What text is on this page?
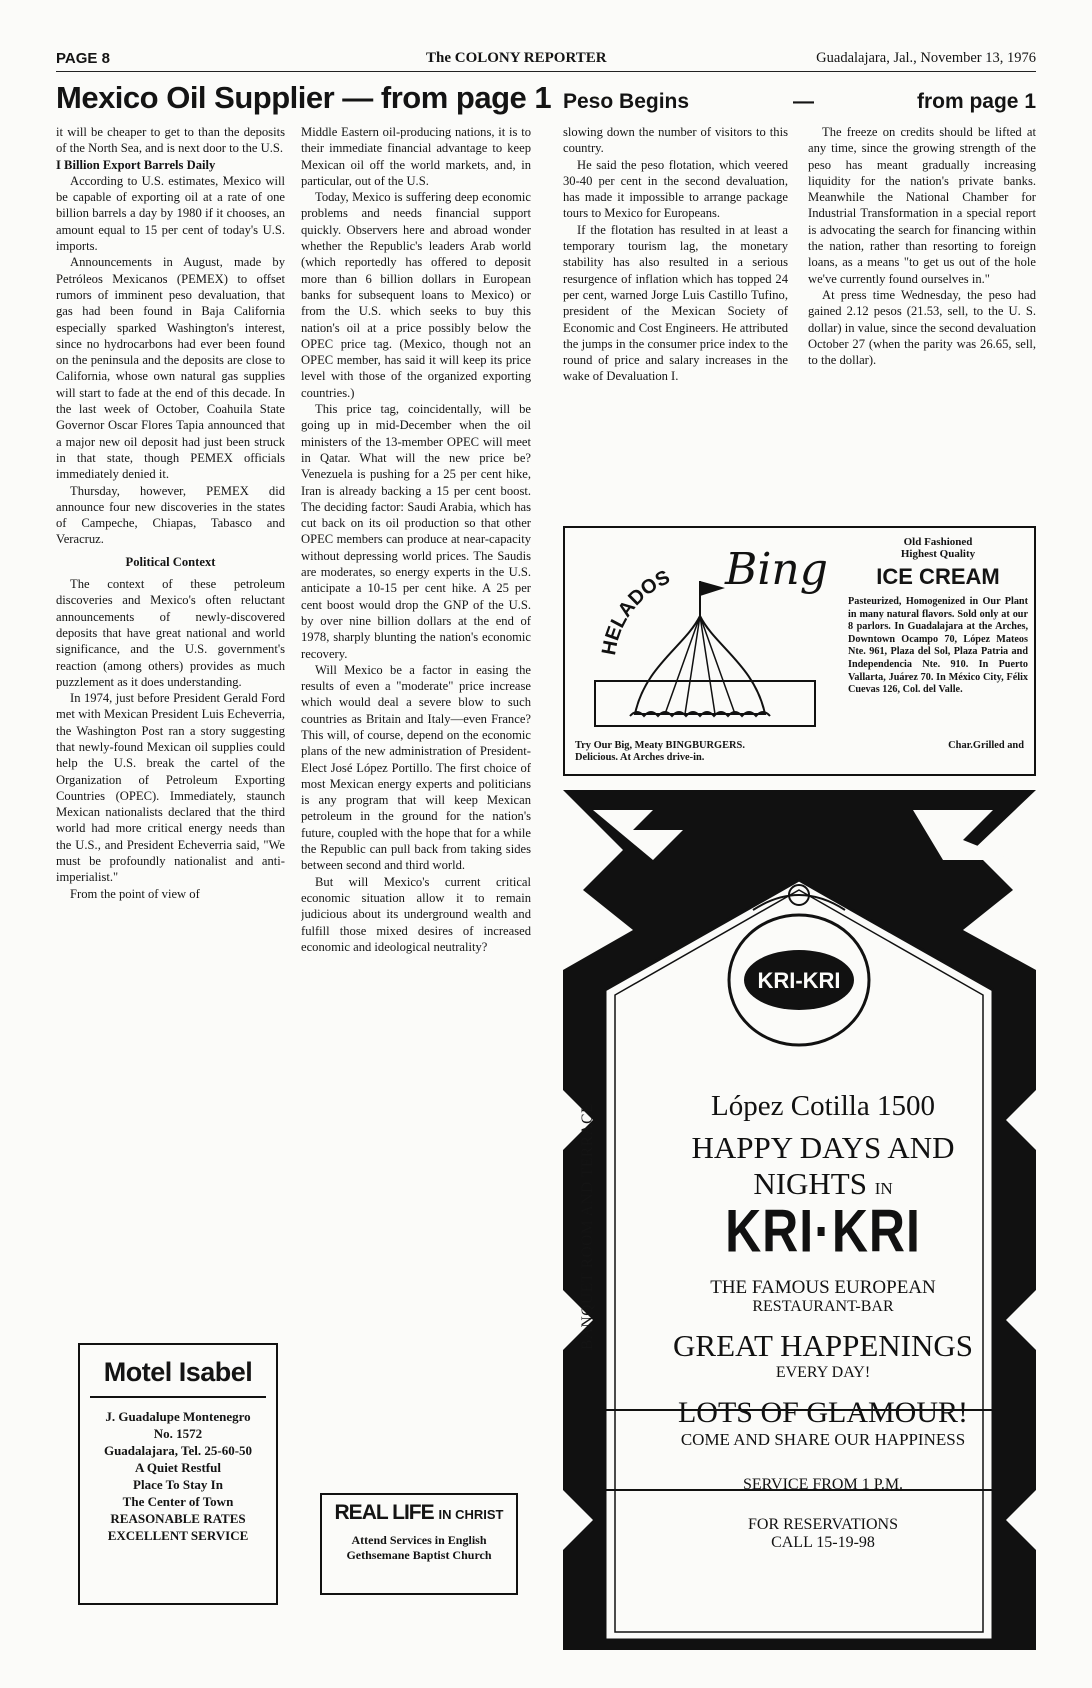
PAGE 8	The COLONY REPORTER	Guadalajara, Jal., November 13, 1976
Mexico Oil Supplier — from page 1 Peso Begins	—	from page 1

it will be cheaper to get to than the deposits of the North Sea, and is next door to the U.S.

I Billion Export Barrels Daily

According to U.S. estimates, Mexico will be capable of exporting oil at a rate of one billion barrels a day by 1980 if it chooses, an amount equal to 15 per cent of today's U.S. imports.

Announcements in August, made by Petróleos Mexicanos (PEMEX) to offset rumors of imminent peso devaluation, that gas had been found in Baja California especially sparked Washington's interest, since no hydrocarbons had ever been found on the peninsula and the deposits are close to California, whose own natural gas supplies will start to fade at the end of this decade. In the last week of October, Coahuila State Governor Oscar Flores Tapia announced that a major new oil deposit had just been struck in that state, though PEMEX officials immediately denied it.

Thursday, however, PEMEX did announce four new discoveries in the states of Campeche, Chiapas, Tabasco and Veracruz.

Political Context

The context of these petroleum discoveries and Mexico's often reluctant announcements of newly-discovered deposits that have great national and world significance, and the U.S. government's reaction (among others) provides as much puzzlement as it does understanding.

In 1974, just before President Gerald Ford met with Mexican President Luis Echeverria, the Washington Post ran a story suggesting that newly-found Mexican oil supplies could help the U.S. break the cartel of the Organization of Petroleum Exporting Countries (OPEC). Immediately, staunch Mexican nationalists declared that the third world had more critical energy needs than the U.S., and President Echeverria said, "We must be profoundly nationalist and anti-imperialist."

From the point of view of

Middle Eastern oil-producing nations, it is to their immediate financial advantage to keep Mexican oil off the world markets, and, in particular, out of the U.S.

Today, Mexico is suffering deep economic problems and needs financial support quickly. Observers here and abroad wonder whether the Republic's leaders Arab world (which reportedly has offered to deposit more than 6 billion dollars in European banks for subsequent loans to Mexico) or from the U.S. which seeks to buy this nation's oil at a price possibly below the OPEC price tag. (Mexico, though not an OPEC member, has said it will keep its price level with those of the organized exporting countries.)

This price tag, coincidentally, will be going up in mid-December when the oil ministers of the 13-member OPEC will meet in Qatar. What will the new price be? Venezuela is pushing for a 25 per cent hike, Iran is already backing a 15 per cent boost. The deciding factor: Saudi Arabia, which has cut back on its oil production so that other OPEC members can produce at near-capacity without depressing world prices. The Saudis are moderates, so energy experts in the U.S. anticipate a 10-15 per cent hike. A 25 per cent boost would drop the GNP of the U.S. by over nine billion dollars at the end of 1978, sharply blunting the nation's economic recovery.

Will Mexico be a factor in easing the results of even a "moderate" price increase which would deal a severe blow to such countries as Britain and Italy—even France? This will, of course, depend on the economic plans of the new administration of President-Elect José López Portillo. The first choice of most Mexican energy experts and politicians is any program that will keep Mexican petroleum in the ground for the nation's future, coupled with the hope that for a while the Republic can pull back from taking sides between second and third world.

But will Mexico's current critical economic situation allow it to remain judicious about its underground wealth and fulfill those mixed desires of increased economic and ideological neutrality?

slowing down the number of visitors to this country.

He said the peso flotation, which veered 30-40 per cent in the second devaluation, has made it impossible to arrange package tours to Mexico for Europeans.

If the flotation has resulted in at least a temporary tourism lag, the monetary stability has also resulted in a serious resurgence of inflation which has topped 24 per cent, warned Jorge Luis Castillo Tufino, president of the Mexican Society of Economic and Cost Engineers. He attributed the jumps in the consumer price index to the round of price and salary increases in the wake of Devaluation I.

The freeze on credits should be lifted at any time, since the growing strength of the peso has meant gradually increasing liquidity for the nation's private banks. Meanwhile the National Chamber for Industrial Transformation in a special report is advocating the search for financing within the nation, rather than resorting to foreign loans, as a means "to get us out of the hole we've currently found ourselves in."

At press time Wednesday, the peso had gained 2.12 pesos (21.53, sell, to the U. S. dollar) in value, since the second devaluation October 27 (when the parity was 26.65, sell, to the dollar).

Motel Isabel
J. Guadalupe Montenegro
No. 1572
Guadalajara, Tel. 25-60-50
A Quiet Restful
Place To Stay In
The Center of Town
REASONABLE RATES
EXCELLENT SERVICE
REAL LIFE IN CHRIST
Attend Services in English
Gethsemane Baptist Church
HELADOS Bing
Old Fashioned
Highest Quality
ICE CREAM
Pasteurized, Homogenized in Our Plant in many natural flavors. Sold only at our 8 parlors. In Guadalajara at the Arches, Downtown Ocampo 70, López Mateos Nte. 961, Plaza del Sol, Plaza Patria and Independencia Nte. 910. In Puerto Vallarta, Juárez 70. In México City, Félix Cuevas 126, Col. del Valle.
Try Our Big, Meaty BINGBURGERS.	Char.Grilled and
Delicious. At Arches drive-in.
KRI-KRI
López Cotilla 1500
HAPPY DAYS AND
NIGHTS IN
KRI·KRI
THE FAMOUS EUROPEAN
RESTAURANT-BAR
GREAT HAPPENINGS
EVERY DAY!
LOTS OF GLAMOUR!
COME AND SHARE OUR HAPPINESS
SERVICE FROM 1 P.M.
FOR RESERVATIONS
CALL 15-19-98
BANQUET ROOM AND TERRACE
